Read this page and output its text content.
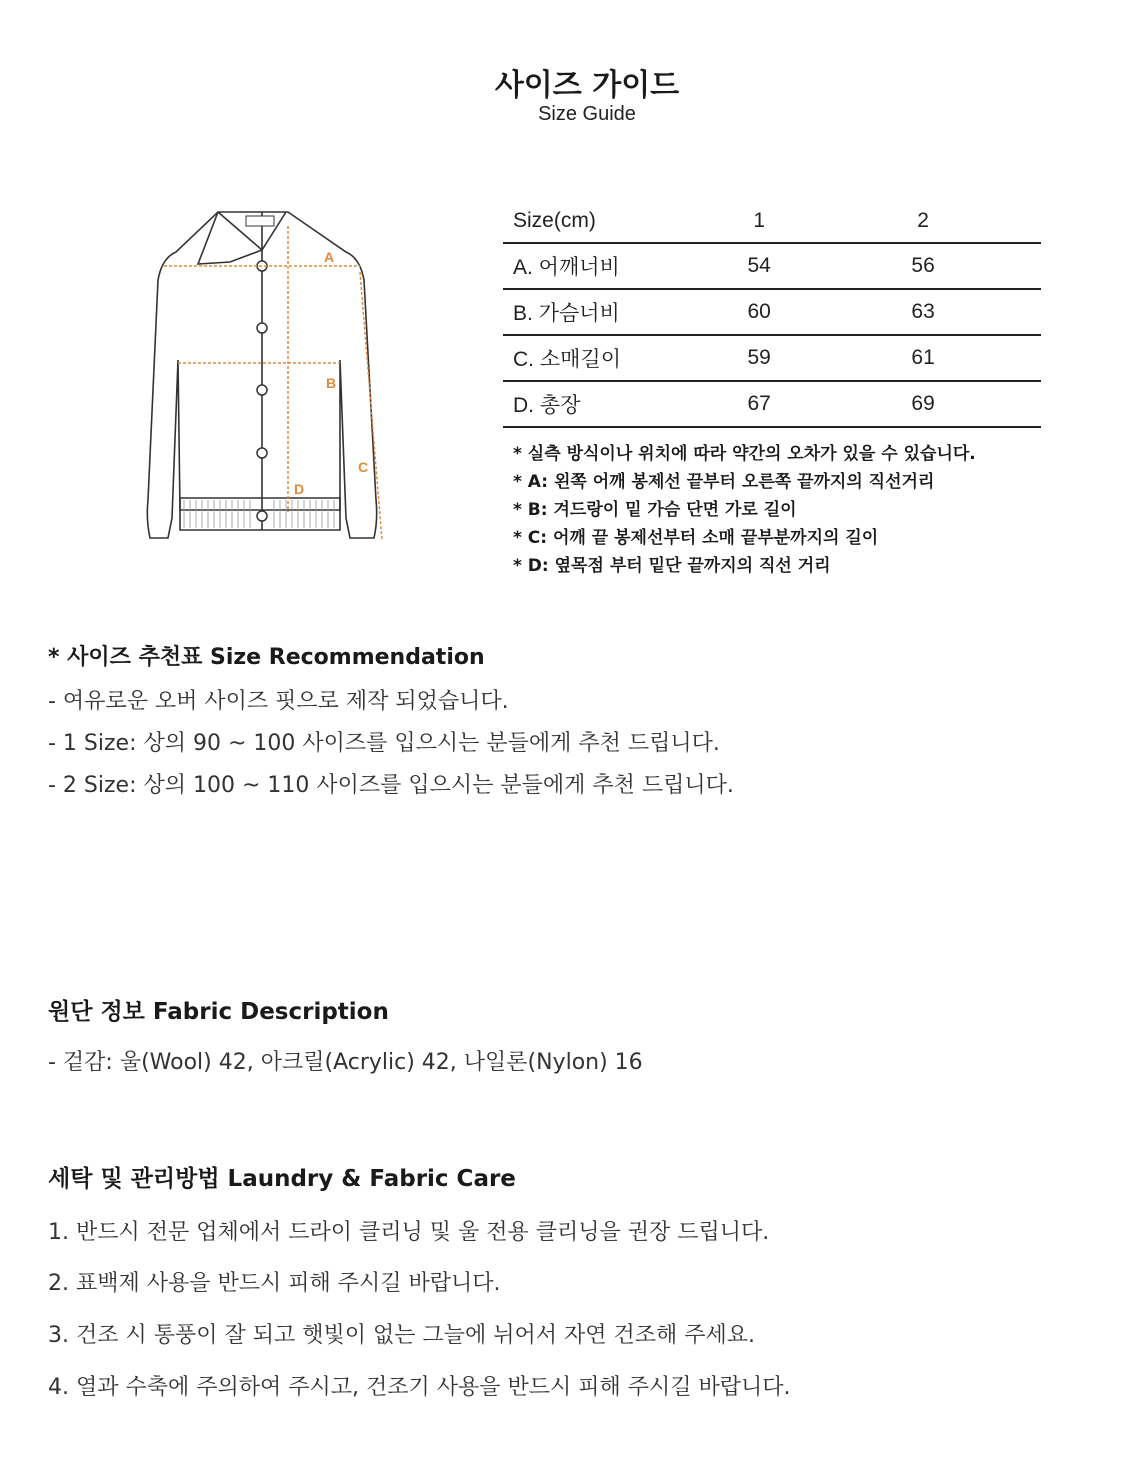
사이즈 가이드
Size Guide
A
B
C
D
Size(cm)	1		2	
A. 어깨너비	54		56	
B. 가슴너비	60		63	
C. 소매길이	59		61	
D. 총장	67		69	
* 실측 방식이나 위치에 따라 약간의 오차가 있을 수 있습니다.
* A: 왼쪽 어깨 봉제선 끝부터 오른쪽 끝까지의 직선거리
* B: 겨드랑이 밑 가슴 단면 가로 길이
* C: 어깨 끝 봉제선부터 소매 끝부분까지의 길이
* D: 옆목점 부터 밑단 끝까지의 직선 거리
* 사이즈 추천표 Size Recommendation
- 여유로운 오버 사이즈 핏으로 제작 되었습니다.
- 1 Size: 상의 90 ~ 100 사이즈를 입으시는 분들에게 추천 드립니다.
- 2 Size: 상의 100 ~ 110 사이즈를 입으시는 분들에게 추천 드립니다.
원단 정보 Fabric Description
- 겉감: 울(Wool) 42, 아크릴(Acrylic) 42, 나일론(Nylon) 16
세탁 및 관리방법 Laundry & Fabric Care
1. 반드시 전문 업체에서 드라이 클리닝 및 울 전용 클리닝을 권장 드립니다.
2. 표백제 사용을 반드시 피해 주시길 바랍니다.
3. 건조 시 통풍이 잘 되고 햇빛이 없는 그늘에 뉘어서 자연 건조해 주세요.
4. 열과 수축에 주의하여 주시고, 건조기 사용을 반드시 피해 주시길 바랍니다.
